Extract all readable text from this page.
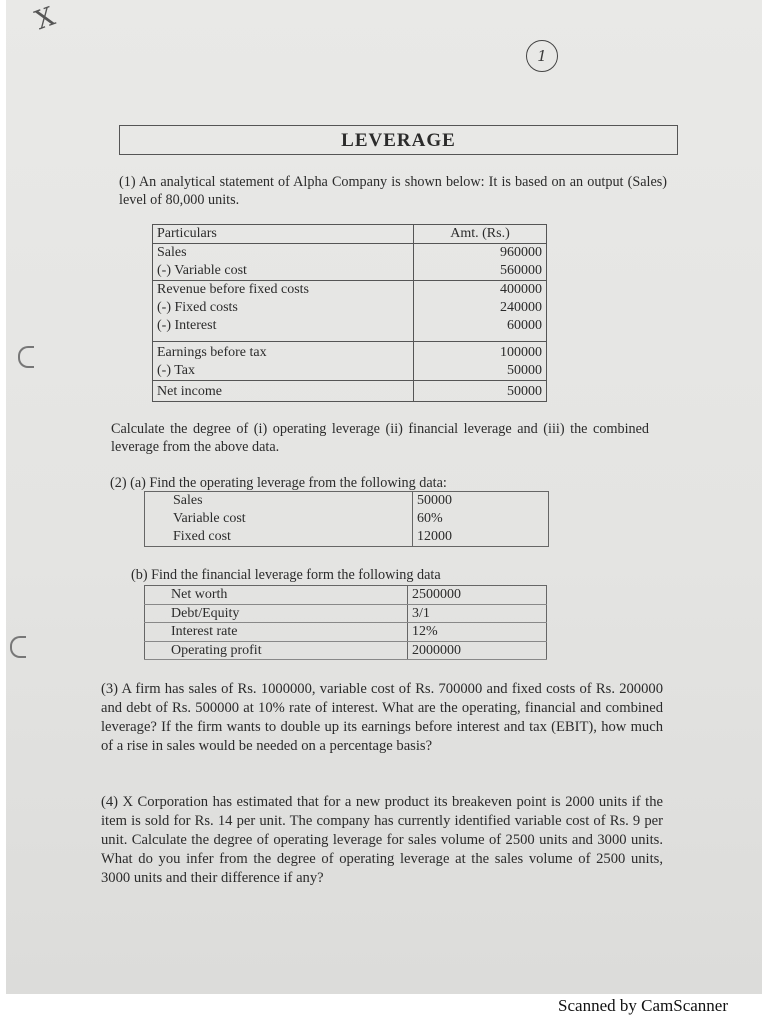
X
1
LEVERAGE
(1) An analytical statement of Alpha Company is shown below: It is based on an output (Sales) level of 80,000 units.
Particulars	Amt. (Rs.)
Sales	960000
(-) Variable cost	560000
Revenue before fixed costs	400000
(-) Fixed costs	240000
(-) Interest	60000
Earnings before tax	100000
(-) Tax	50000
Net income	50000
Calculate the degree of (i) operating leverage (ii) financial leverage and (iii) the combined leverage from the above data.
(2) (a) Find the operating leverage from the following data:
Sales	50000
Variable cost	60%
Fixed cost	12000
(b) Find the financial leverage form the following data
Net worth	2500000
Debt/Equity	3/1
Interest rate	12%
Operating profit	2000000
(3) A firm has sales of Rs. 1000000, variable cost of Rs. 700000 and fixed costs of Rs. 200000 and debt of Rs. 500000 at 10% rate of interest. What are the operating, financial and combined leverage? If the firm wants to double up its earnings before interest and tax (EBIT), how much of a rise in sales would be needed on a percentage basis?
(4) X Corporation has estimated that for a new product its breakeven point is 2000 units if the item is sold for Rs. 14 per unit. The company has currently identified variable cost of Rs. 9 per unit. Calculate the degree of operating leverage for sales volume of 2500 units and 3000 units. What do you infer from the degree of operating leverage at the sales volume of 2500 units, 3000 units and their difference if any?
Scanned by CamScanner
